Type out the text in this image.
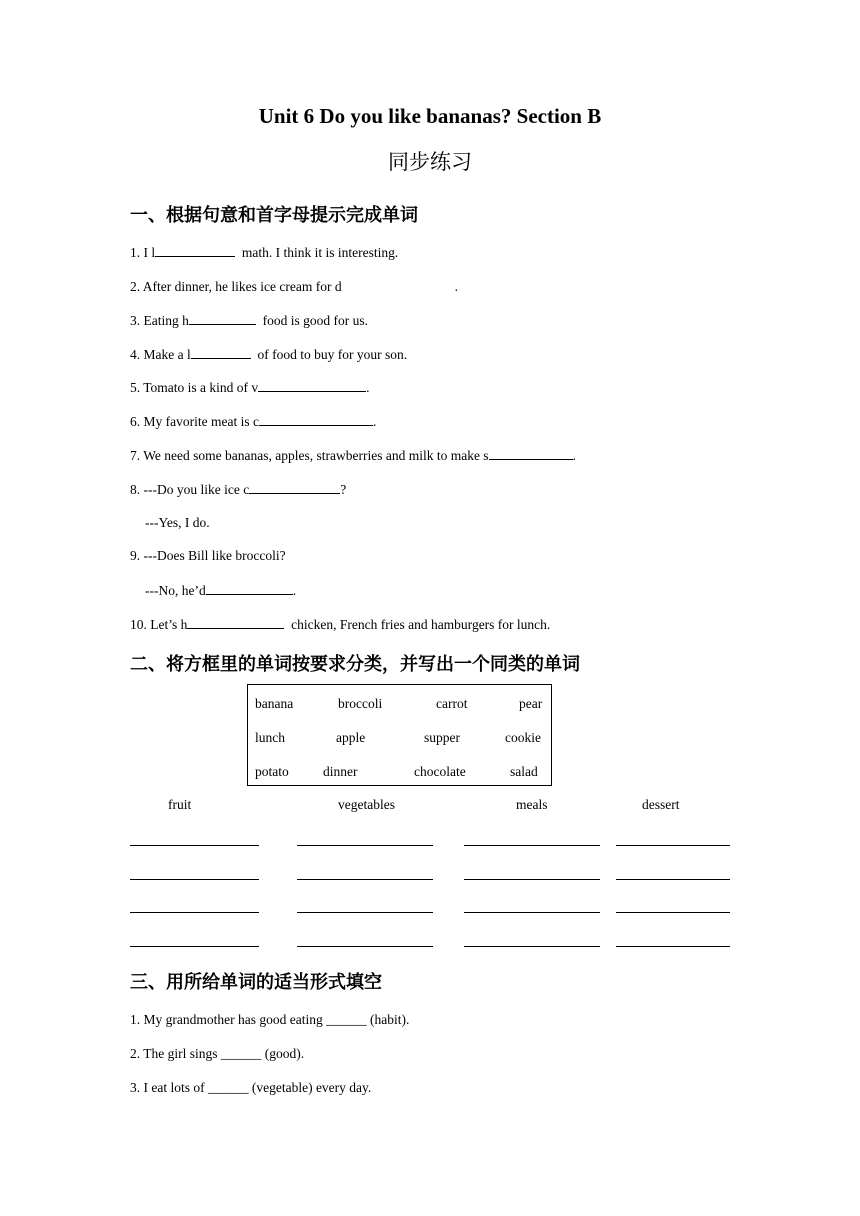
Unit 6 Do you like bananas? Section B
同步练习
一、根据句意和首字母提示完成单词
1. I l	math. I think it is interesting.
2. After dinner, he likes ice cream for d	.
3. Eating h	food is good for us.
4. Make a l	of food to buy for your son.
5. Tomato is a kind of v	.
6. My favorite meat is c	.
7. We need some bananas, apples, strawberries and milk to make s	.
8. ---Do you like ice c	?
---Yes, I do.
9. ---Does Bill like broccoli?
---No, he’d	.
10. Let’s h	chicken, French fries and hamburgers for lunch.
二、将方框里的单词按要求分类，并写出一个同类的单词
banana	broccoli	carrot	pear
lunch	apple	supper	cookie
potato	dinner	chocolate	salad
fruit	vegetables	meals	dessert
三、用所给单词的适当形式填空
1. My grandmother has good eating ______ (habit).
2. The girl sings ______ (good).
3. I eat lots of ______ (vegetable) every day.
